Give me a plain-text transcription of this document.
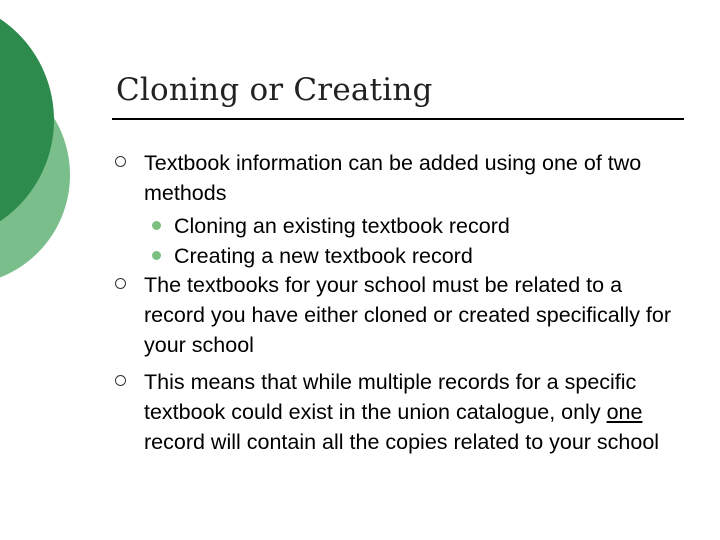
Cloning or Creating
Textbook information can be added using one of two methods
Cloning an existing textbook record
Creating a new textbook record
The textbooks for your school must be related to a record you have either cloned or created specifically for your school
This means that while multiple records for a specific textbook could exist in the union catalogue, only one record will contain all the copies related to your school
